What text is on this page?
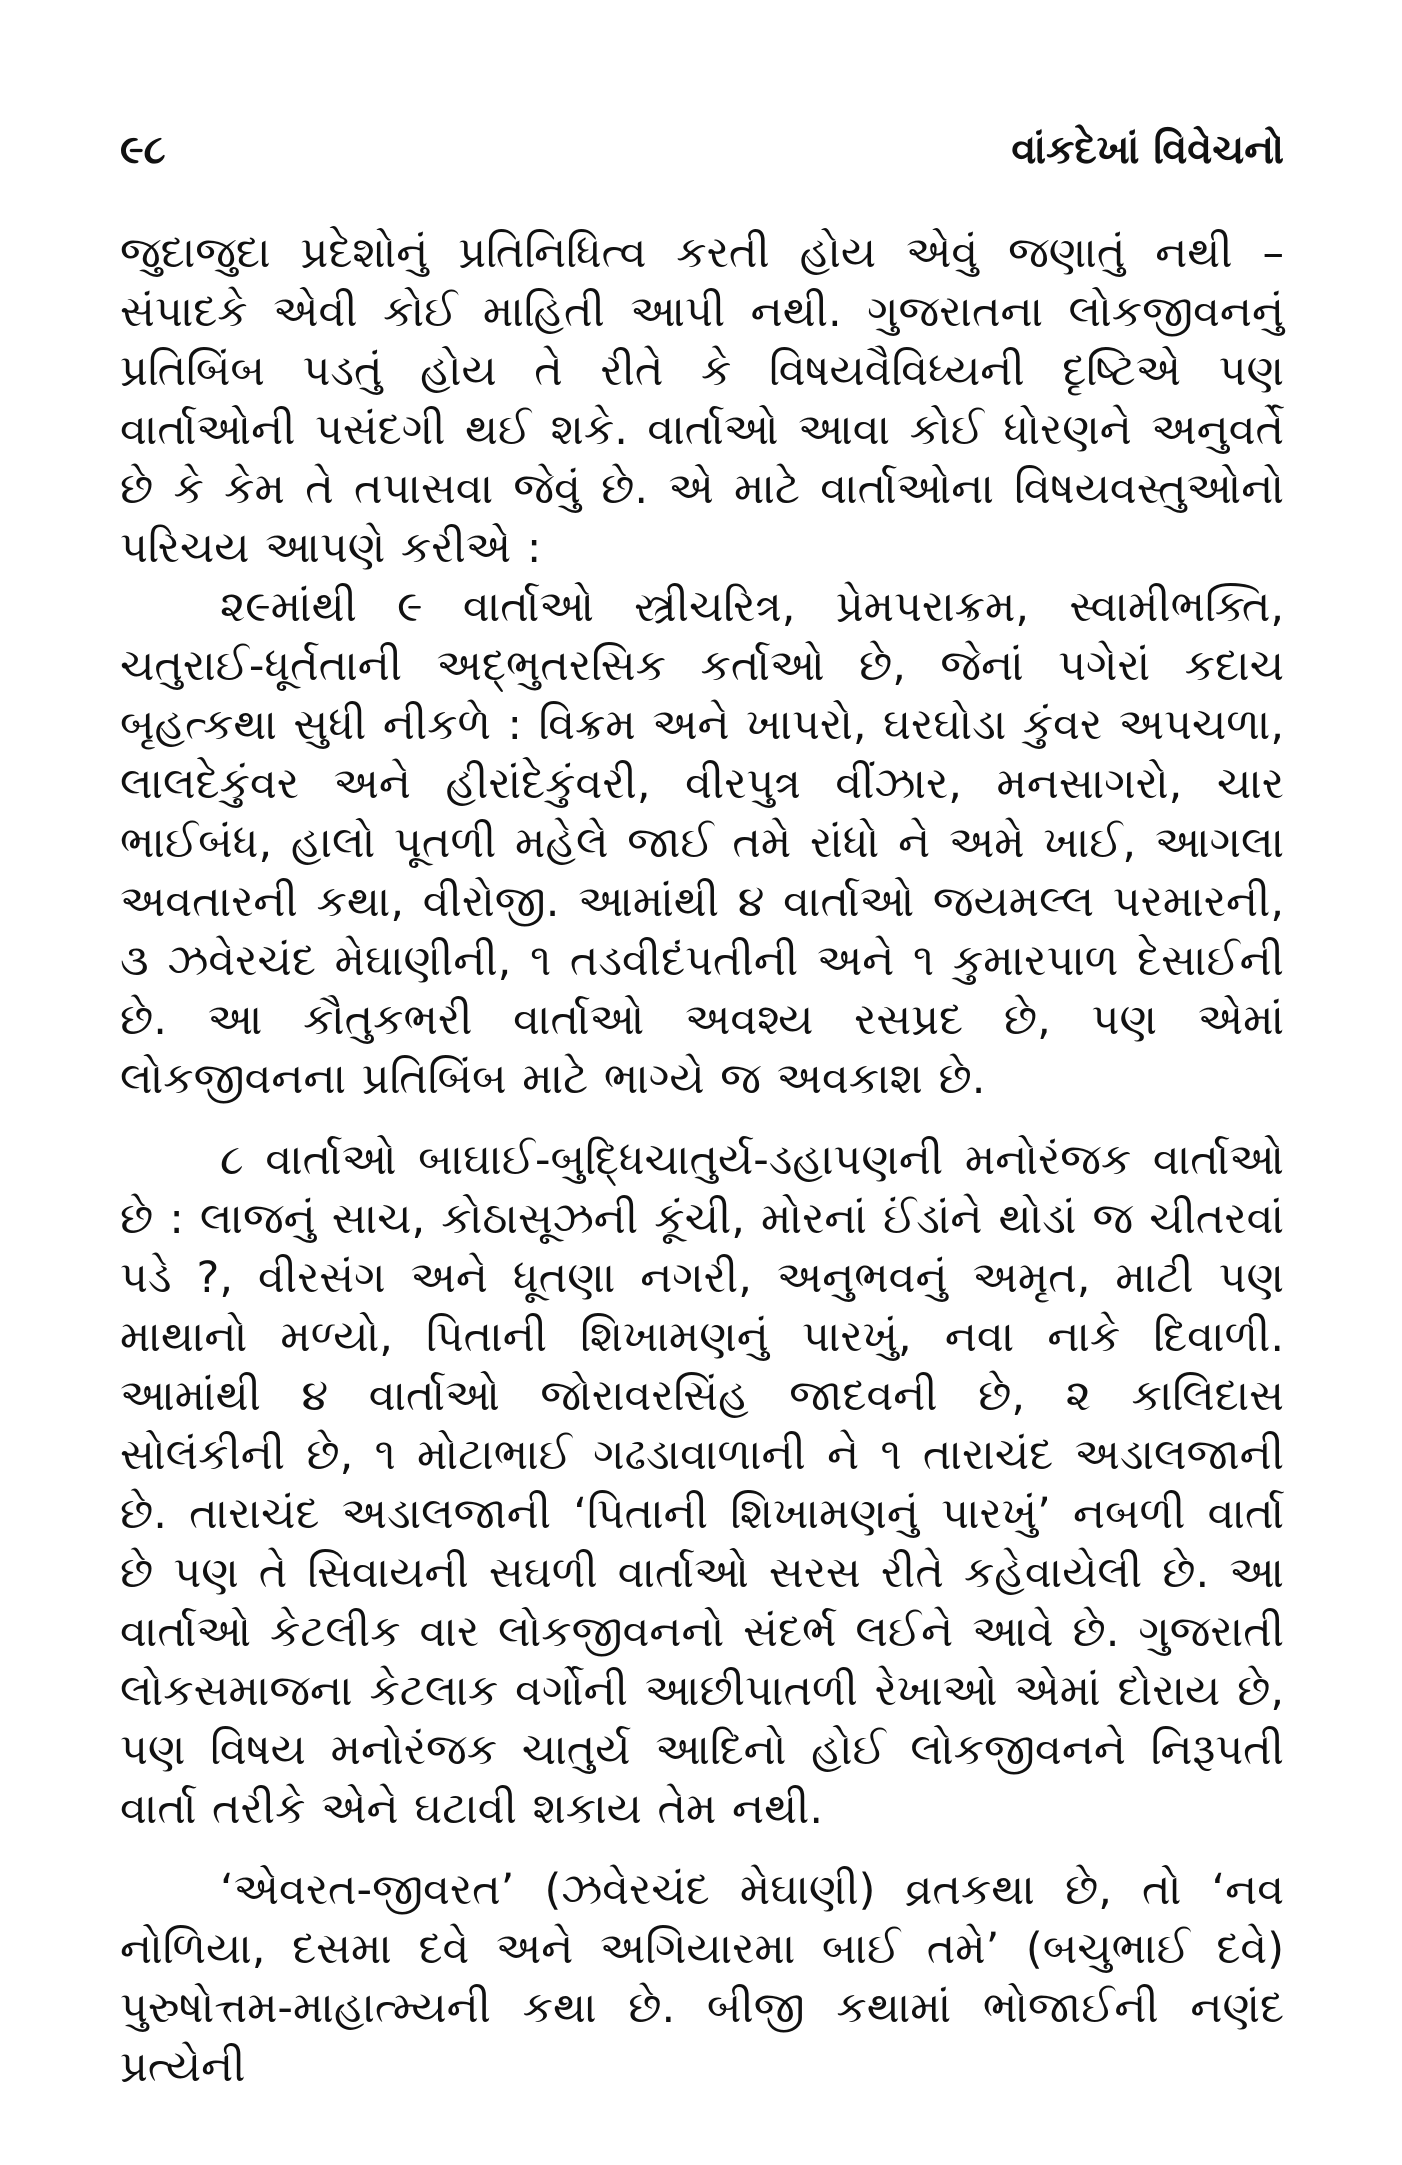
૯૮	વાંકદેખાં વિવેચનો

જુદાજુદા પ્રદેશોનું પ્રતિનિધિત્વ કરતી હોય એવું જણાતું નથી – સંપાદકે એવી કોઈ માહિતી આપી નથી. ગુજરાતના લોકજીવનનું પ્રતિબિંબ પડતું હોય તે રીતે કે વિષયવૈવિધ્યની દૃષ્ટિએ પણ વાર્તાઓની પસંદગી થઈ શકે. વાર્તાઓ આવા કોઈ ધોરણને અનુવર્તે છે કે કેમ તે તપાસવા જેવું છે. એ માટે વાર્તાઓના વિષયવસ્તુઓનો પરિચય આપણે કરીએ :

૨૯માંથી ૯ વાર્તાઓ સ્ત્રીચરિત્ર, પ્રેમપરાક્રમ, સ્વામીભક્તિ, ચતુરાઈ-ધૂર્તતાની અદ્ભુતરસિક કર્તાઓ છે, જેનાં પગેરાં કદાચ બૃહત્કથા સુધી નીકળે : વિક્રમ અને ખાપરો, ઘરઘોડા કુંવર અપચળા, લાલદેકુંવર અને હીરાંદેકુંવરી, વીરપુત્ર વીંઝાર, મનસાગરો, ચાર ભાઈબંધ, હાલો પૂતળી મહેલે જાઈ તમે રાંધો ને અમે ખાઈ, આગલા અવતારની કથા, વીરોજી. આમાંથી ૪ વાર્તાઓ જયમલ્લ પરમારની, ૩ ઝવેરચંદ મેઘાણીની, ૧ તડવીદંપતીની અને ૧ કુમારપાળ દેસાઈની છે. આ કૌતુકભરી વાર્તાઓ અવશ્ય રસપ્રદ છે, પણ એમાં લોકજીવનના પ્રતિબિંબ માટે ભાગ્યે જ અવકાશ છે.

૮ વાર્તાઓ બાઘાઈ-બુદ્ધિચાતુર્ય-ડહાપણની મનોરંજક વાર્તાઓ છે : લાજનું સાચ, કોઠાસૂઝની કૂંચી, મોરનાં ઈંડાંને થોડાં જ ચીતરવાં પડે ?, વીરસંગ અને ધૂતણા નગરી, અનુભવનું અમૃત, માટી પણ માથાનો મળ્યો, પિતાની શિખામણનું પારખું, નવા નાકે દિવાળી. આમાંથી ૪ વાર્તાઓ જોરાવરસિંહ જાદવની છે, ૨ કાલિદાસ સોલંકીની છે, ૧ મોટાભાઈ ગઢડાવાળાની ને ૧ તારાચંદ અડાલજાની છે. તારાચંદ અડાલજાની ‘પિતાની શિખામણનું પારખું’ નબળી વાર્તા છે પણ તે સિવાયની સઘળી વાર્તાઓ સરસ રીતે કહેવાયેલી છે. આ વાર્તાઓ કેટલીક વાર લોકજીવનનો સંદર્ભ લઈને આવે છે. ગુજરાતી લોકસમાજના કેટલાક વર્ગોની આછીપાતળી રેખાઓ એમાં દોરાય છે, પણ વિષય મનોરંજક ચાતુર્ય આદિનો હોઈ લોકજીવનને નિરૂપતી વાર્તા તરીકે એને ઘટાવી શકાય તેમ નથી.

‘એવરત-જીવરત’ (ઝવેરચંદ મેઘાણી) વ્રતકથા છે, તો ‘નવ નોળિયા, દસમા દવે અને અગિયારમા બાઈ તમે’ (બચુભાઈ દવે) પુરુષોત્તમ-માહાત્મ્યની કથા છે. બીજી કથામાં ભોજાઈની નણંદ પ્રત્યેની
